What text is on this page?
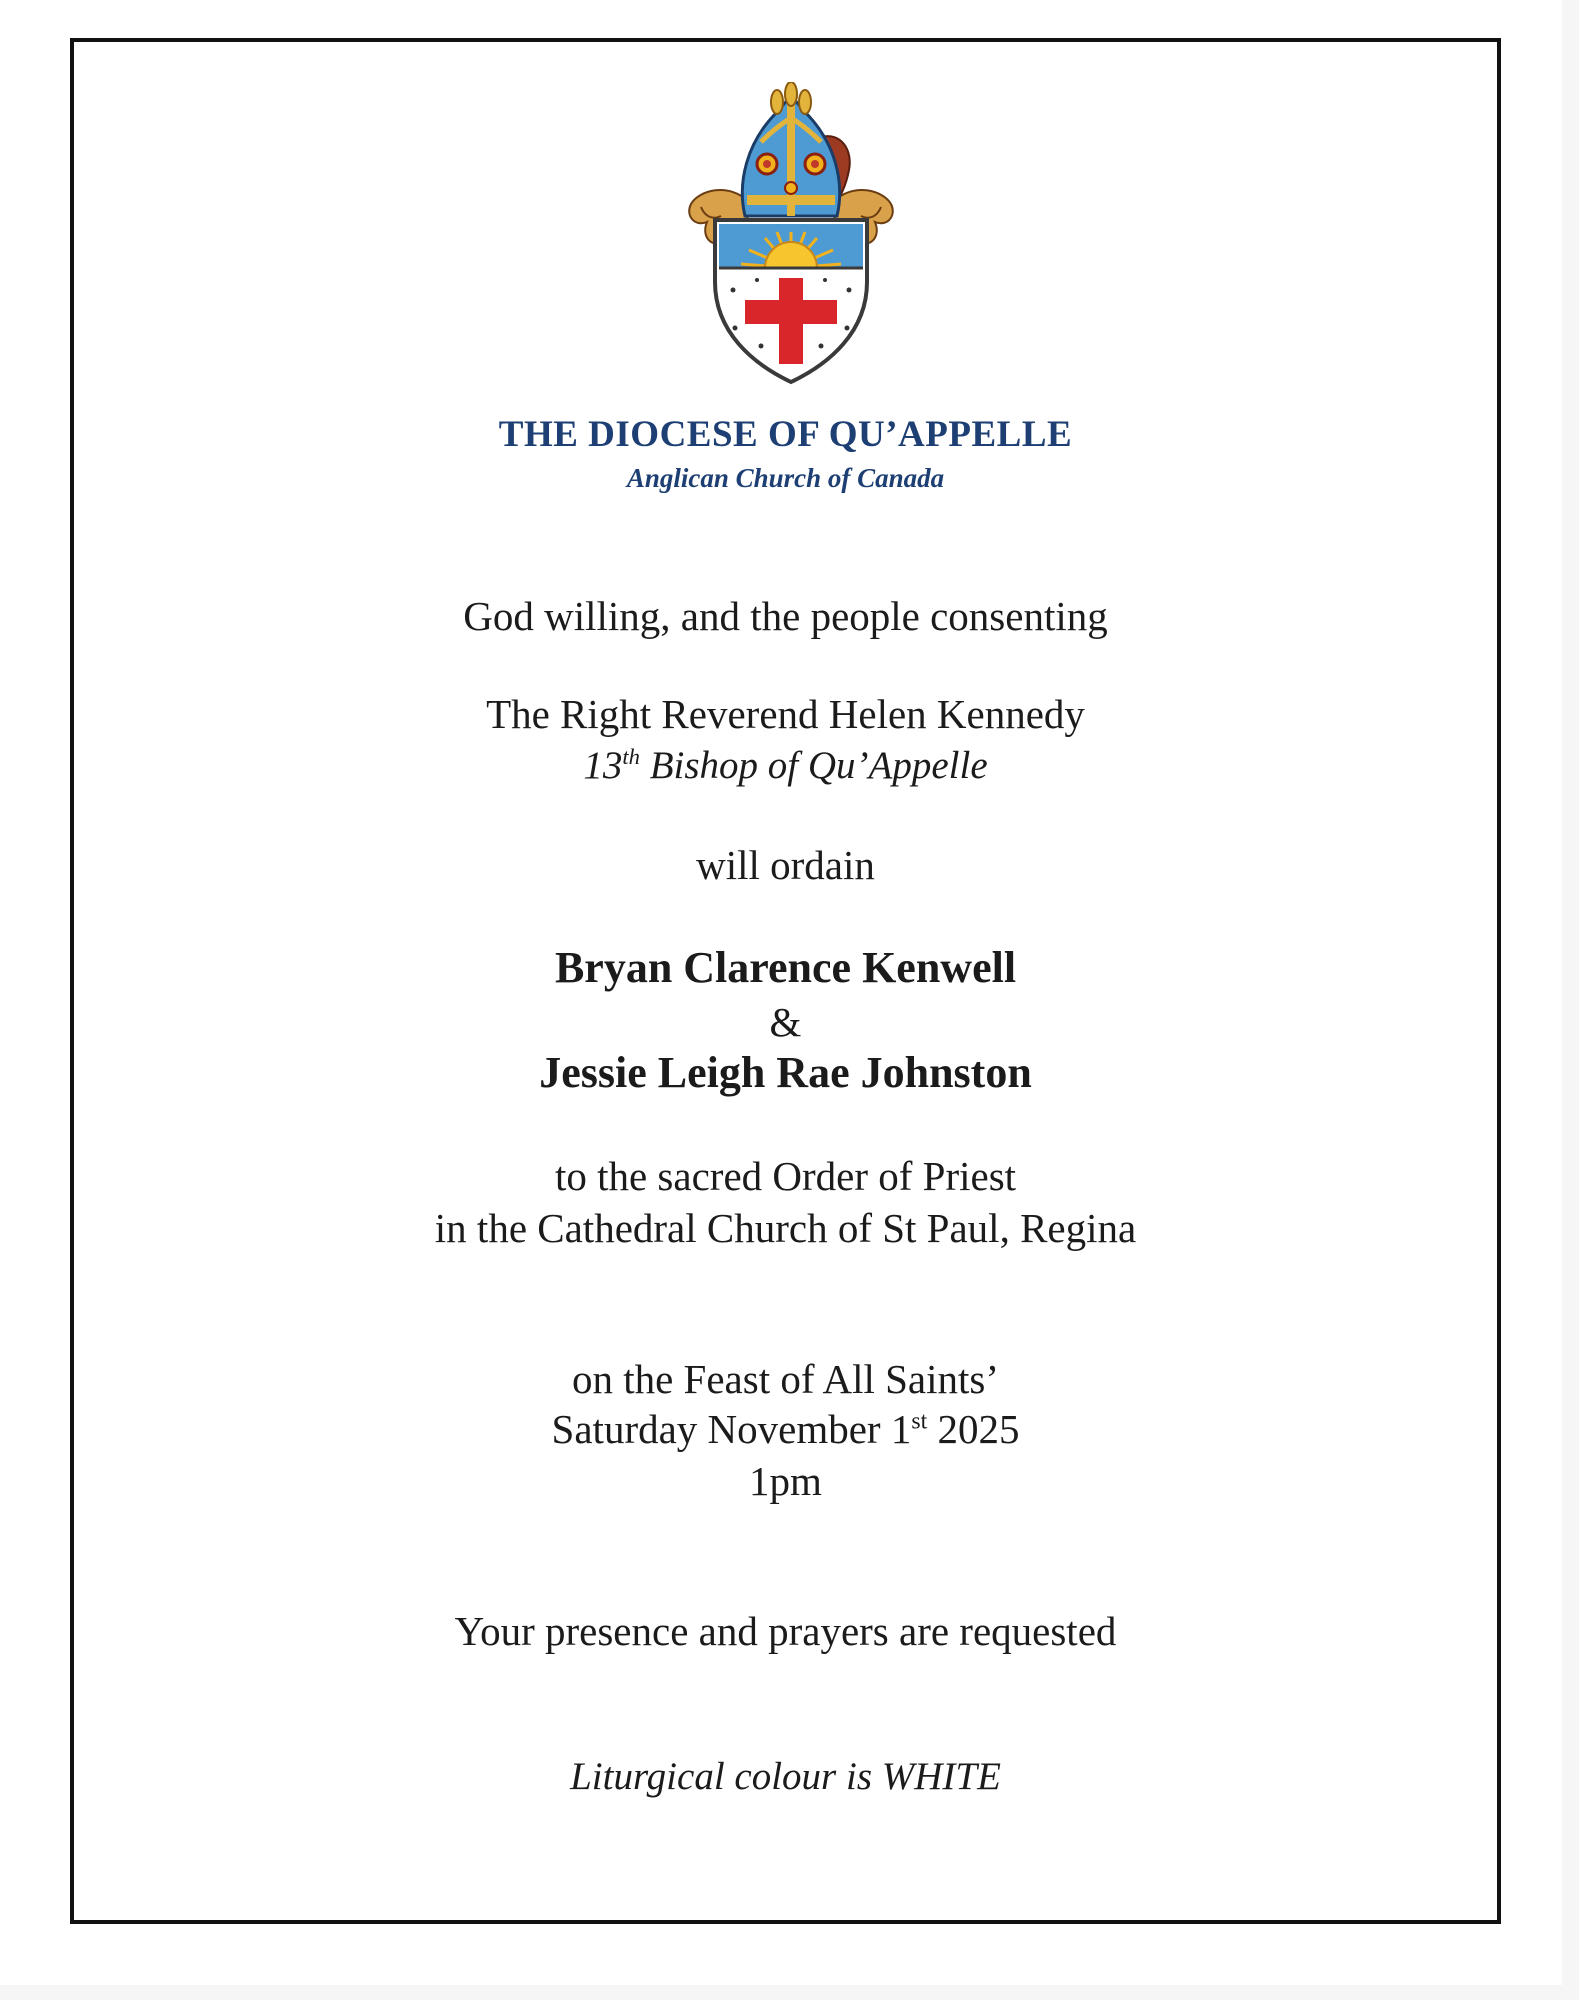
THE DIOCESE OF QU’APPELLE
Anglican Church of Canada
God willing, and the people consenting
The Right Reverend Helen Kennedy
13th Bishop of Qu’Appelle
will ordain
Bryan Clarence Kenwell
&
Jessie Leigh Rae Johnston
to the sacred Order of Priest
in the Cathedral Church of St Paul, Regina
on the Feast of All Saints’
Saturday November 1st 2025
1pm
Your presence and prayers are requested
Liturgical colour is WHITE
